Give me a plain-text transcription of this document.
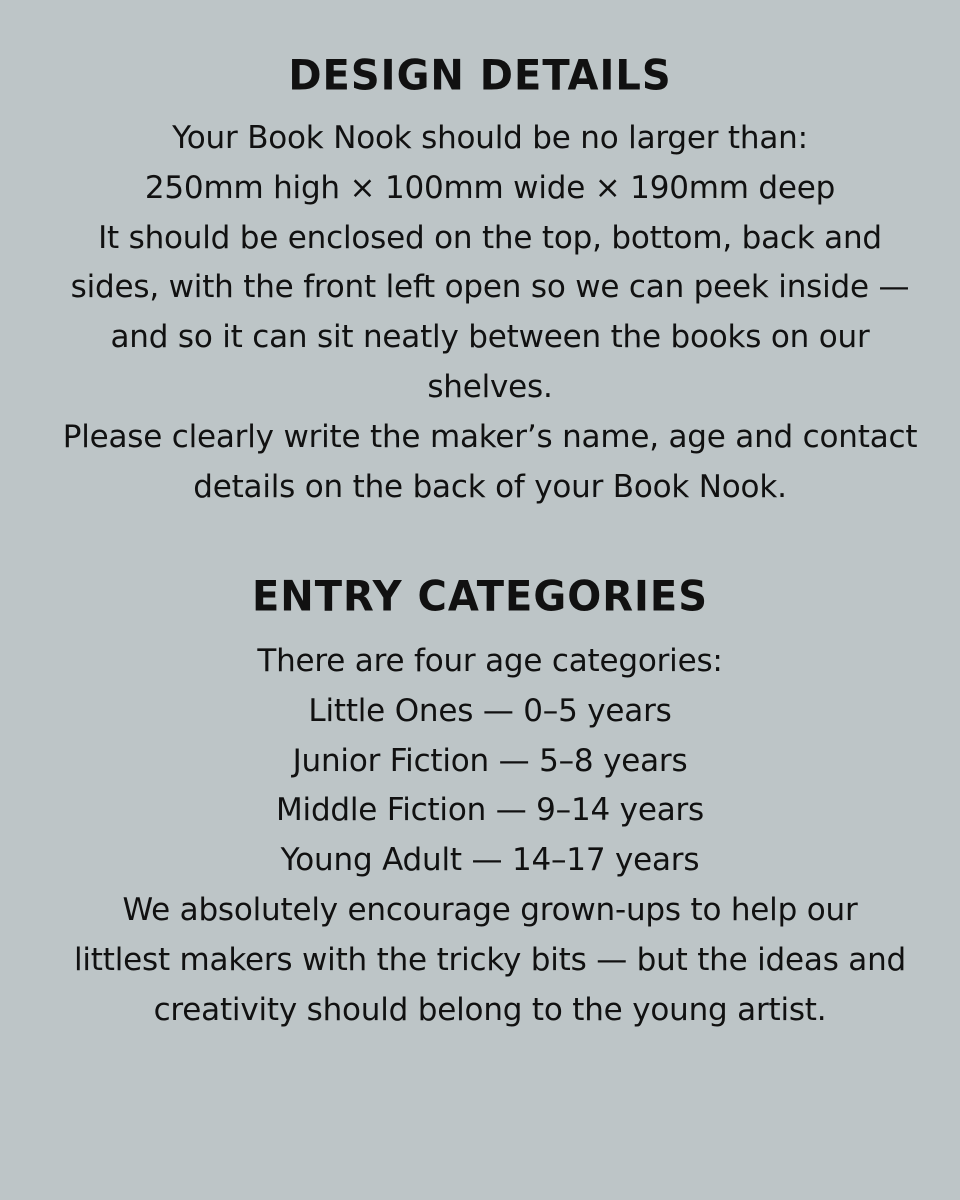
DESIGN DETAILS
Your Book Nook should be no larger than:
250mm high × 100mm wide × 190mm deep
It should be enclosed on the top, bottom, back and
sides, with the front left open so we can peek inside —
and so it can sit neatly between the books on our
shelves.
Please clearly write the maker’s name, age and contact
details on the back of your Book Nook.
ENTRY CATEGORIES
There are four age categories:
Little Ones — 0–5 years
Junior Fiction — 5–8 years
Middle Fiction — 9–14 years
Young Adult — 14–17 years
We absolutely encourage grown-ups to help our
littlest makers with the tricky bits — but the ideas and
creativity should belong to the young artist.
